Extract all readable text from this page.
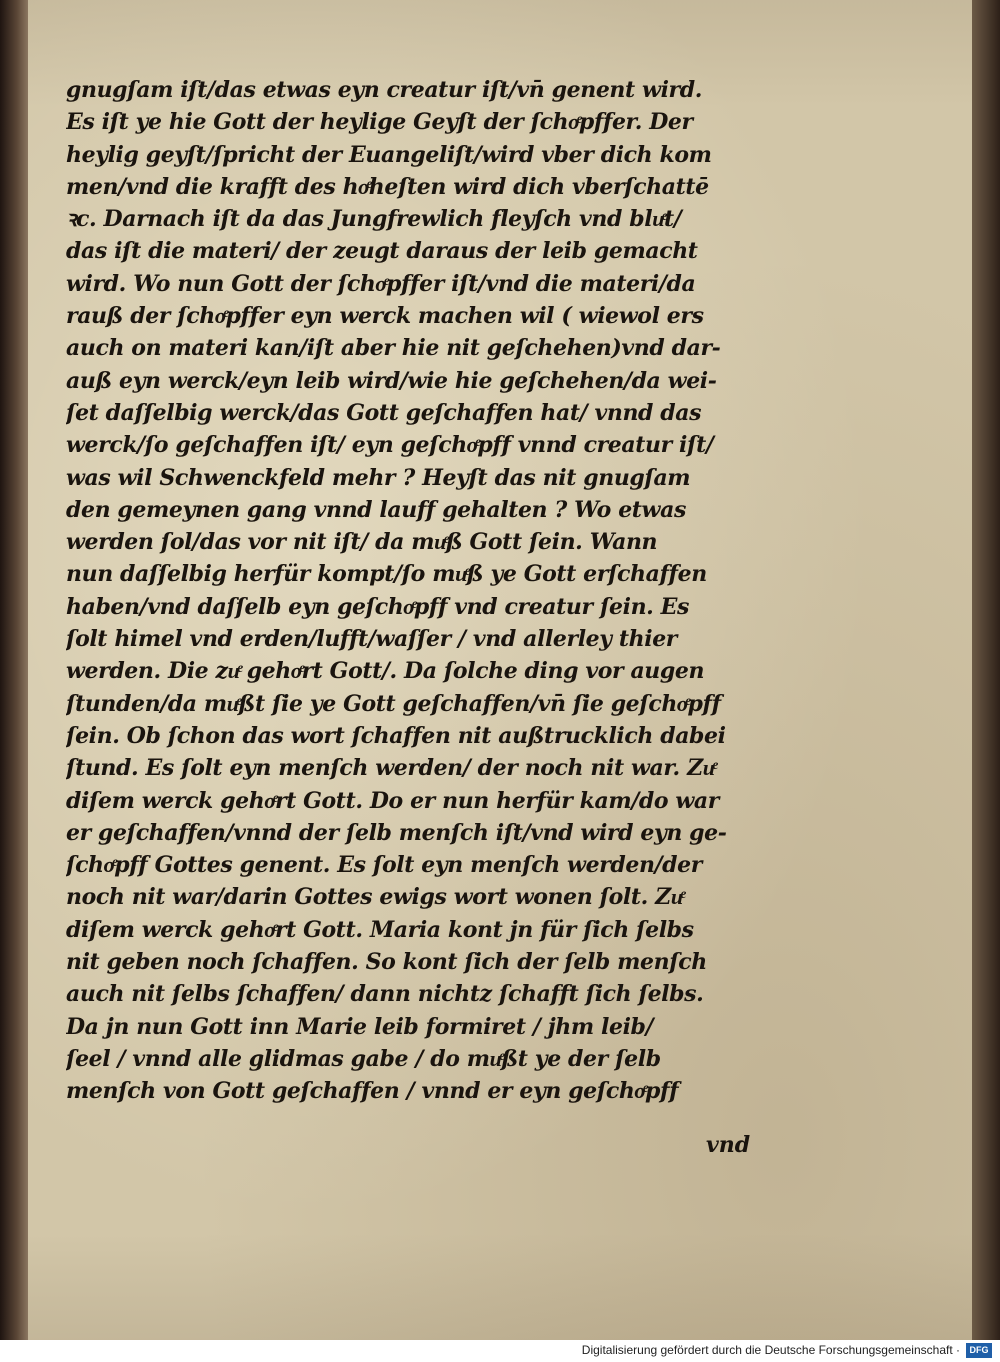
gnugſam iſt/das etwas eyn creatur iſt/vn̄ genent wird.
Es iſt ye hie Gott der heylige Geyſt der ſchoͤpffer. Der
heylig geyſt/ſpricht der Euangeliſt/wird vber dich kom
men/vnd die krafft des hoͤheſten wird dich vberſchattē
ꝛc. Darnach iſt da das Jungfrewlich fleyſch vnd bluͤt/
das iſt die materi/ der zeugt daraus der leib gemacht
wird. Wo nun Gott der ſchoͤpffer iſt/vnd die materi/da
rauß der ſchoͤpffer eyn werck machen wil ( wiewol ers
auch on materi kan/iſt aber hie nit geſchehen)vnd dar-
auß eyn werck/eyn leib wird/wie hie geſchehen/da wei-
ſet daſſelbig werck/das Gott geſchaffen hat/ vnnd das
werck/ſo geſchaffen iſt/ eyn geſchoͤpff vnnd creatur iſt/
was wil Schwenckfeld mehr ? Heyſt das nit gnugſam
den gemeynen gang vnnd lauff gehalten ? Wo etwas
werden ſol/das vor nit iſt/ da muͤß Gott ſein. Wann
nun daſſelbig herfür kompt/ſo muͤß ye Gott erſchaffen
haben/vnd daſſelb eyn geſchoͤpff vnd creatur ſein. Es
ſolt himel vnd erden/lufft/waſſer / vnd allerley thier
werden. Die zuͤ gehoͤrt Gott/. Da ſolche ding vor augen
ſtunden/da muͤßt ſie ye Gott geſchaffen/vn̄ ſie geſchoͤpff
ſein. Ob ſchon das wort ſchaffen nit außtrucklich dabei
ſtund. Es ſolt eyn menſch werden/ der noch nit war. Zuͤ
diſem werck gehoͤrt Gott. Do er nun herfür kam/do war
er geſchaffen/vnnd der ſelb menſch iſt/vnd wird eyn ge-
ſchoͤpff Gottes genent. Es ſolt eyn menſch werden/der
noch nit war/darin Gottes ewigs wort wonen ſolt. Zuͤ
diſem werck gehoͤrt Gott. Maria kont jn für ſich ſelbs
nit geben noch ſchaffen. So kont ſich der ſelb menſch
auch nit ſelbs ſchaffen/ dann nichtz ſchafft ſich ſelbs.
Da jn nun Gott inn Marie leib formiret / jhm leib/
ſeel / vnnd alle glidmas gabe / do muͤßt ye der ſelb
menſch von Gott geſchaffen / vnnd er eyn geſchoͤpff
vnd
Digitalisierung gefördert durch die Deutsche Forschungsgemeinschaft ·	DFG
